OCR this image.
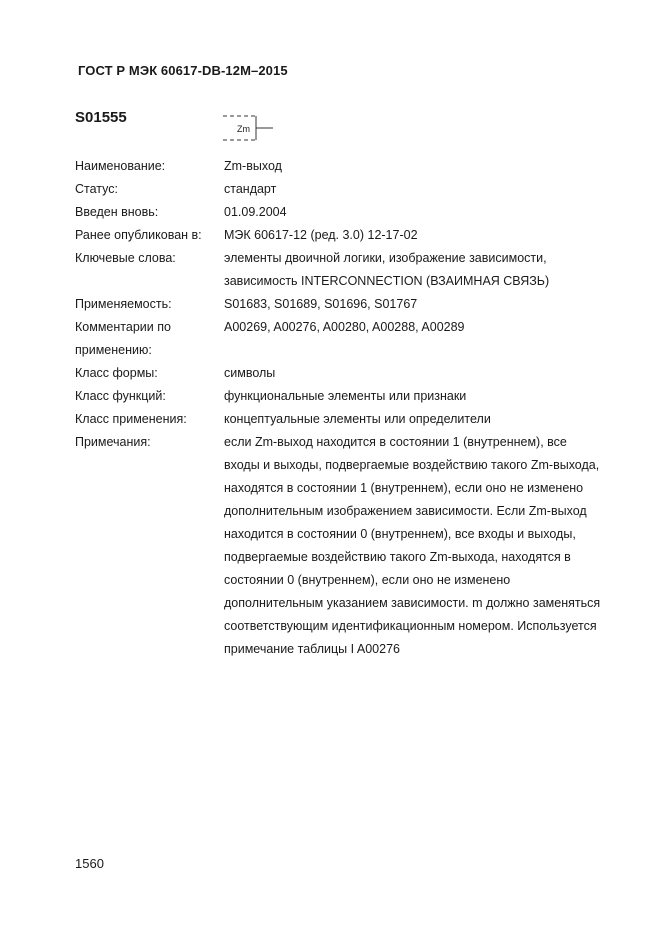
ГОСТ Р МЭК 60617-DB-12M–2015
S01555
Zm
Наименование:	Zm-выход
Статус:	стандарт
Введен вновь:	01.09.2004
Ранее опубликован в:	МЭК 60617-12 (ред. 3.0) 12-17-02
Ключевые слова:	элементы двоичной логики, изображение зависимости,
зависимость INTERCONNECTION (ВЗАИМНАЯ СВЯЗЬ)
Применяемость:	S01683, S01689, S01696, S01767
Комментарии по
применению:
A00269, A00276, A00280, A00288, A00289
Класс формы:	символы
Класс функций:	функциональные элементы или признаки
Класс применения:	концептуальные элементы или определители
Примечания:	если Zm-выход находится в состоянии 1 (внутреннем), все
входы и выходы, подвергаемые воздействию такого Zm-выхода,
находятся в состоянии 1 (внутреннем), если оно не изменено
дополнительным изображением зависимости. Если Zm-выход
находится в состоянии 0 (внутреннем), все входы и выходы,
подвергаемые воздействию такого Zm-выхода, находятся в
состоянии 0 (внутреннем), если оно не изменено
дополнительным указанием зависимости. m должно заменяться
соответствующим идентификационным номером. Используется
примечание таблицы I A00276
1560
